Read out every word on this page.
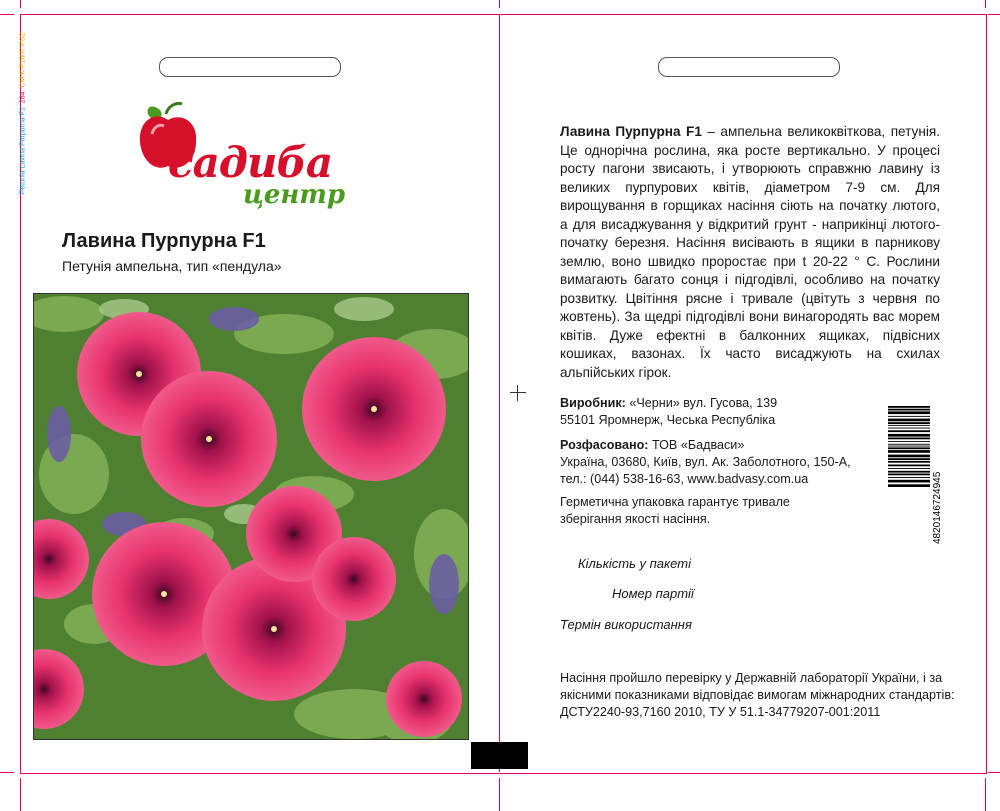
Petunia Lavina Purpurna F1  284  CM K P1607 PS2
садиба
центр
Лавина Пурпурна F1
Петунія ампельна, тип «пендула»
Лавина Пурпурна F1 – ампельна великоквіткова, петунія. Це однорічна рослина, яка росте вертикально. У процесі росту пагони звисають, і утворюють справжню лавину із великих пурпурових квітів, діаметром 7-9 см. Для вирощування в горщиках насіння сіють на початку лютого, а для висаджування у відкритий грунт - наприкінці лютого-початку березня. Насіння висівають в ящики в парникову землю, воно швидко проростає при t 20-22 ° С. Рослини вимагають багато сонця і підгодівлі, особливо на початку розвитку. Цвітіння рясне і тривале (цвітуть з червня по жовтень). За щедрі підгодівлі вони винагородять вас морем квітів. Дуже ефектні в балконних ящиках, підвісних кошиках, вазонах. Їх часто висаджують на схилах альпійських гірок.
Виробник: «Черни» вул. Гусова, 139
55101 Яромнерж, Чеська Республіка
Розфасовано: ТОВ «Бадваси»
Україна, 03680, Київ, вул. Ак. Заболотного, 150-А,
тел.: (044) 538-16-63, www.badvasy.com.ua
Герметична упаковка гарантує тривале
зберігання якості насіння.
Кількість у пакеті
Номер партії
Термін використання
Насіння пройшло перевірку у Державній лабораторії України, і за
якісними показниками відповідає вимогам міжнародних стандартів:
ДСТУ2240-93,7160 2010, ТУ У 51.1-34779207-001:2011
4820146724945
